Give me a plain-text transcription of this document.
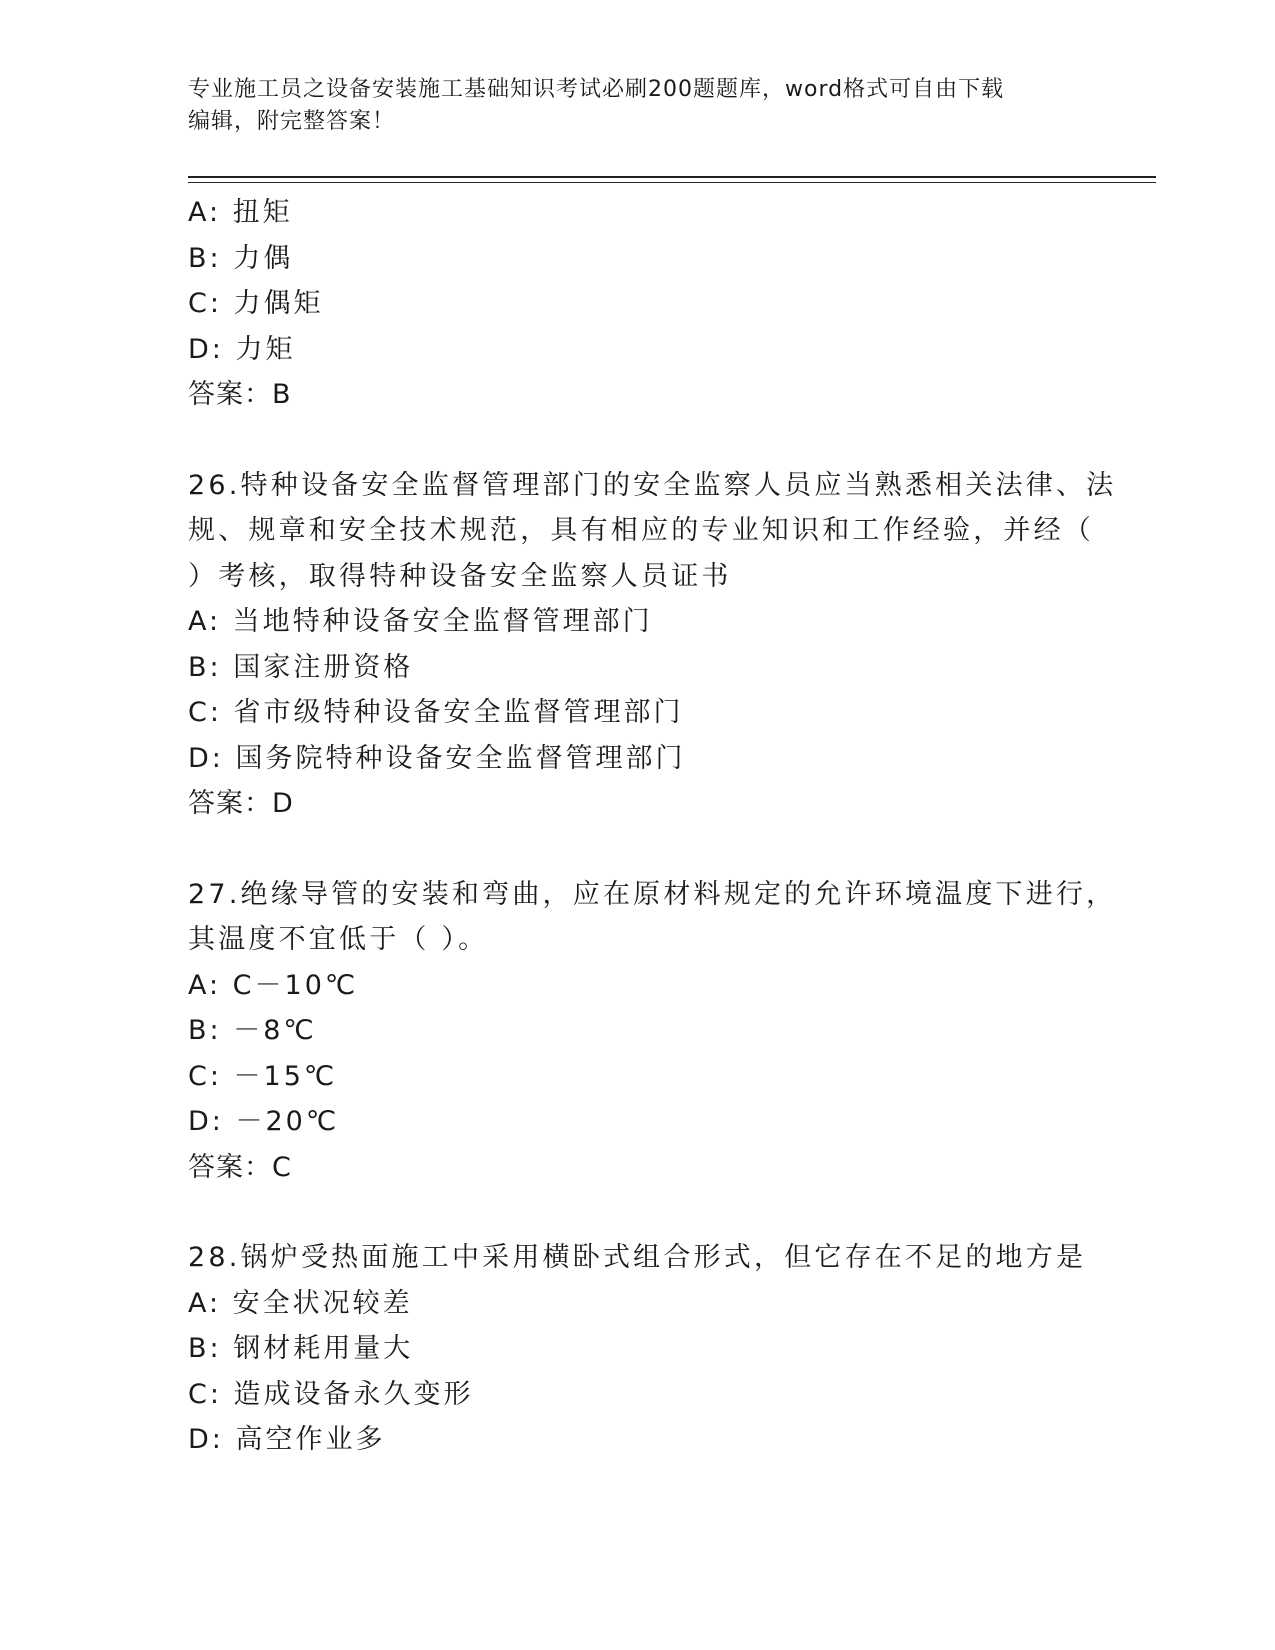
专业施工员之设备安装施工基础知识考试必刷200题题库，word格式可自由下载
编辑，附完整答案！
A: 扭矩
B: 力偶
C: 力偶矩
D: 力矩
答案：B
26.特种设备安全监督管理部门的安全监察人员应当熟悉相关法律、法
规、规章和安全技术规范，具有相应的专业知识和工作经验，并经（
）考核，取得特种设备安全监察人员证书
A: 当地特种设备安全监督管理部门
B: 国家注册资格
C: 省市级特种设备安全监督管理部门
D: 国务院特种设备安全监督管理部门
答案：D
27.绝缘导管的安装和弯曲，应在原材料规定的允许环境温度下进行，
其温度不宜低于（ ）。
A: C－10℃
B: －8℃
C: －15℃
D: －20℃
答案：C
28.锅炉受热面施工中采用横卧式组合形式，但它存在不足的地方是
A: 安全状况较差
B: 钢材耗用量大
C: 造成设备永久变形
D: 高空作业多
